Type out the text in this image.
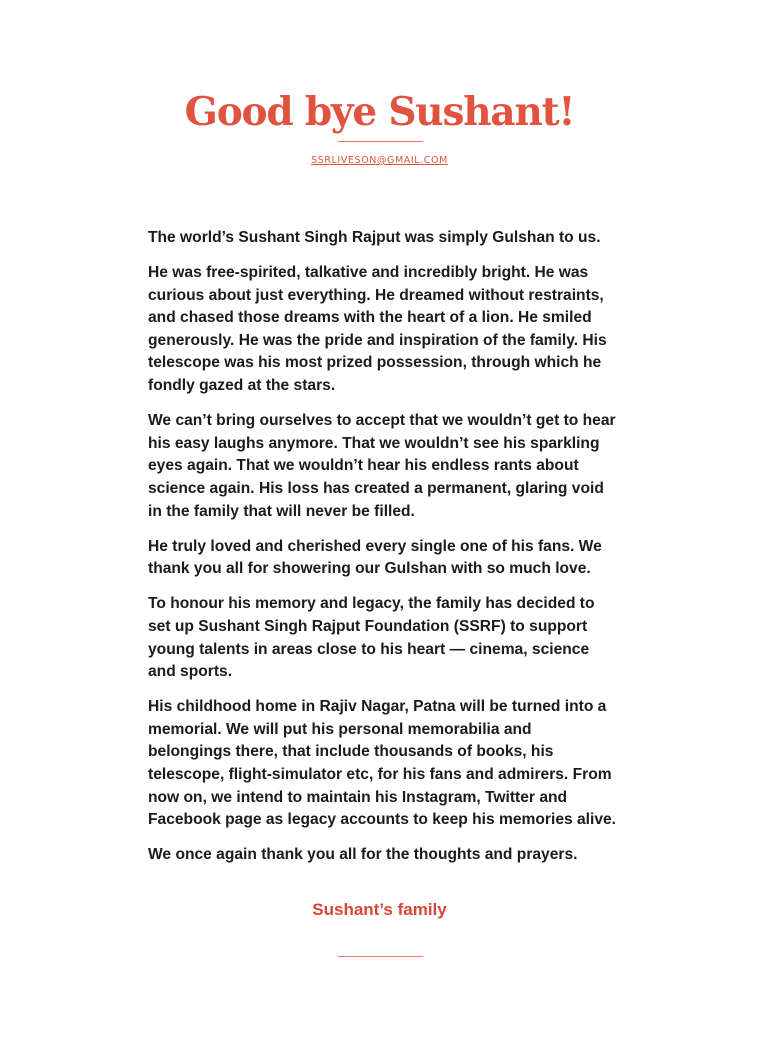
Good bye Sushant!
SSRLIVESON@GMAIL.COM

The world’s Sushant Singh Rajput was simply Gulshan to us.

He was free-spirited, talkative and incredibly bright. He was curious about just everything. He dreamed without restraints, and chased those dreams with the heart of a lion. He smiled generously. He was the pride and inspiration of the family. His telescope was his most prized possession, through which he fondly gazed at the stars.

We can’t bring ourselves to accept that we wouldn’t get to hear his easy laughs anymore. That we wouldn’t see his sparkling eyes again. That we wouldn’t hear his endless rants about science again. His loss has created a permanent, glaring void in the family that will never be filled.

He truly loved and cherished every single one of his fans. We thank you all for showering our Gulshan with so much love.

To honour his memory and legacy, the family has decided to set up Sushant Singh Rajput Foundation (SSRF) to support young talents in areas close to his heart — cinema, science and sports.

His childhood home in Rajiv Nagar, Patna will be turned into a memorial. We will put his personal memorabilia and belongings there, that include thousands of books, his telescope, flight-simulator etc, for his fans and admirers. From now on, we intend to maintain his Instagram, Twitter and Facebook page as legacy accounts to keep his memories alive.

We once again thank you all for the thoughts and prayers.

Sushant’s family
